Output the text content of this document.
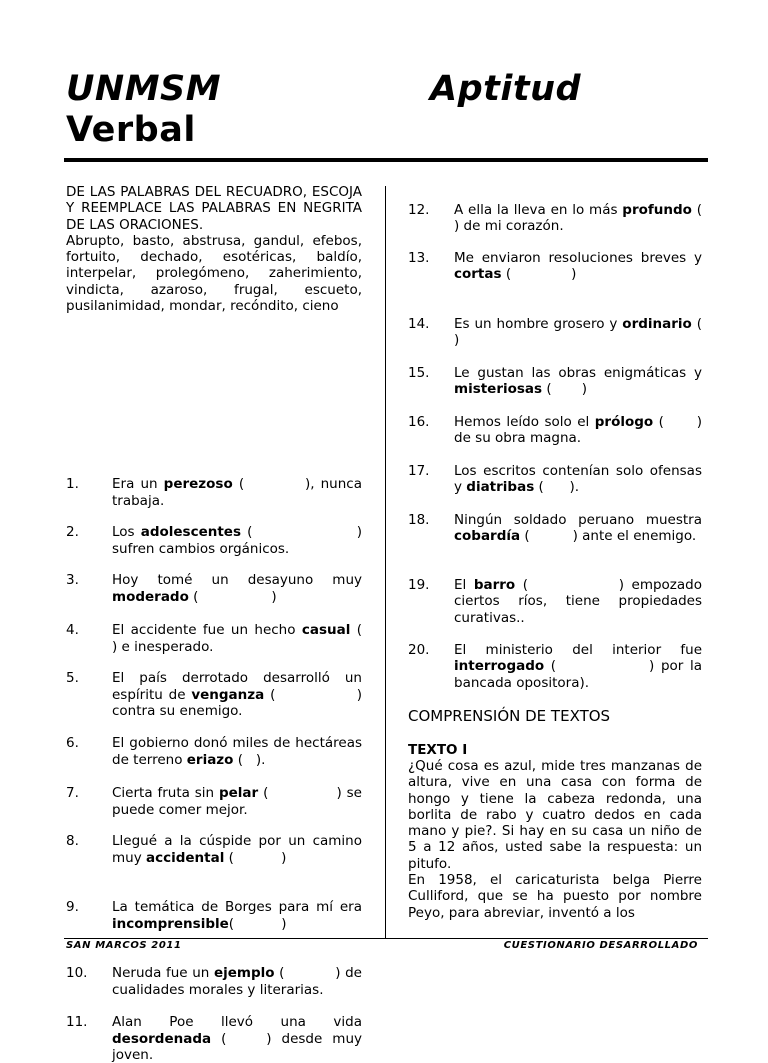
UNMSM	Aptitud
Verbal

DE LAS PALABRAS DEL RECUADRO, ESCOJA Y REEMPLACE LAS PALABRAS EN NEGRITA DE LAS ORACIONES.

Abrupto, basto, abstrusa, gandul, efebos, fortuito, dechado, esotéricas, baldío, interpelar, prolegómeno, zaherimiento, vindicta, azaroso, frugal, escueto, pusilanimidad, mondar, recóndito, cieno

1. Era un perezoso (          ), nunca trabaja.
2. Los adolescentes (                 ) sufren cambios orgánicos.
3. Hoy tomé un desayuno muy moderado (                 )
4. El accidente fue un hecho casual (    ) e inesperado.
5. El país derrotado desarrolló un espíritu de venganza (              ) contra su enemigo.
6. El gobierno donó miles de hectáreas de terreno eriazo (   ).
7. Cierta fruta sin pelar (              ) se puede comer mejor.
8. Llegué a la cúspide por un camino muy accidental (           )
9. La temática de Borges para mí era incomprensible(           )
10. Neruda fue un ejemplo (           ) de cualidades morales y literarias.
11. Alan Poe llevó una vida desordenada (    ) desde muy joven.
12. A ella la lleva en lo más profundo (    ) de mi corazón.
13. Me enviaron resoluciones breves y cortas (              )
14. Es un hombre grosero y ordinario (           )
15. Le gustan las obras enigmáticas y misteriosas (       )
16. Hemos leído solo el prólogo (      ) de su obra magna.
17. Los escritos contenían solo ofensas y diatribas (      ).
18. Ningún soldado peruano muestra cobardía (          ) ante el enemigo.
19. El barro (            ) empozado ciertos ríos, tiene propiedades curativas..
20. El ministerio del interior fue interrogado (              ) por la bancada opositora).
COMPRENSIÓN DE TEXTOS
TEXTO I
¿Qué cosa es azul, mide tres manzanas de altura, vive en una casa con forma de hongo y tiene la cabeza redonda, una borlita de rabo y cuatro dedos en cada mano y pie?. Si hay en su casa un niño de 5 a 12 años, usted sabe la respuesta: un pitufo.
En 1958, el caricaturista belga Pierre Culliford, que se ha puesto por nombre Peyo, para abreviar, inventó a los
SAN MARCOS 2011	CUESTIONARIO DESARROLLADO
